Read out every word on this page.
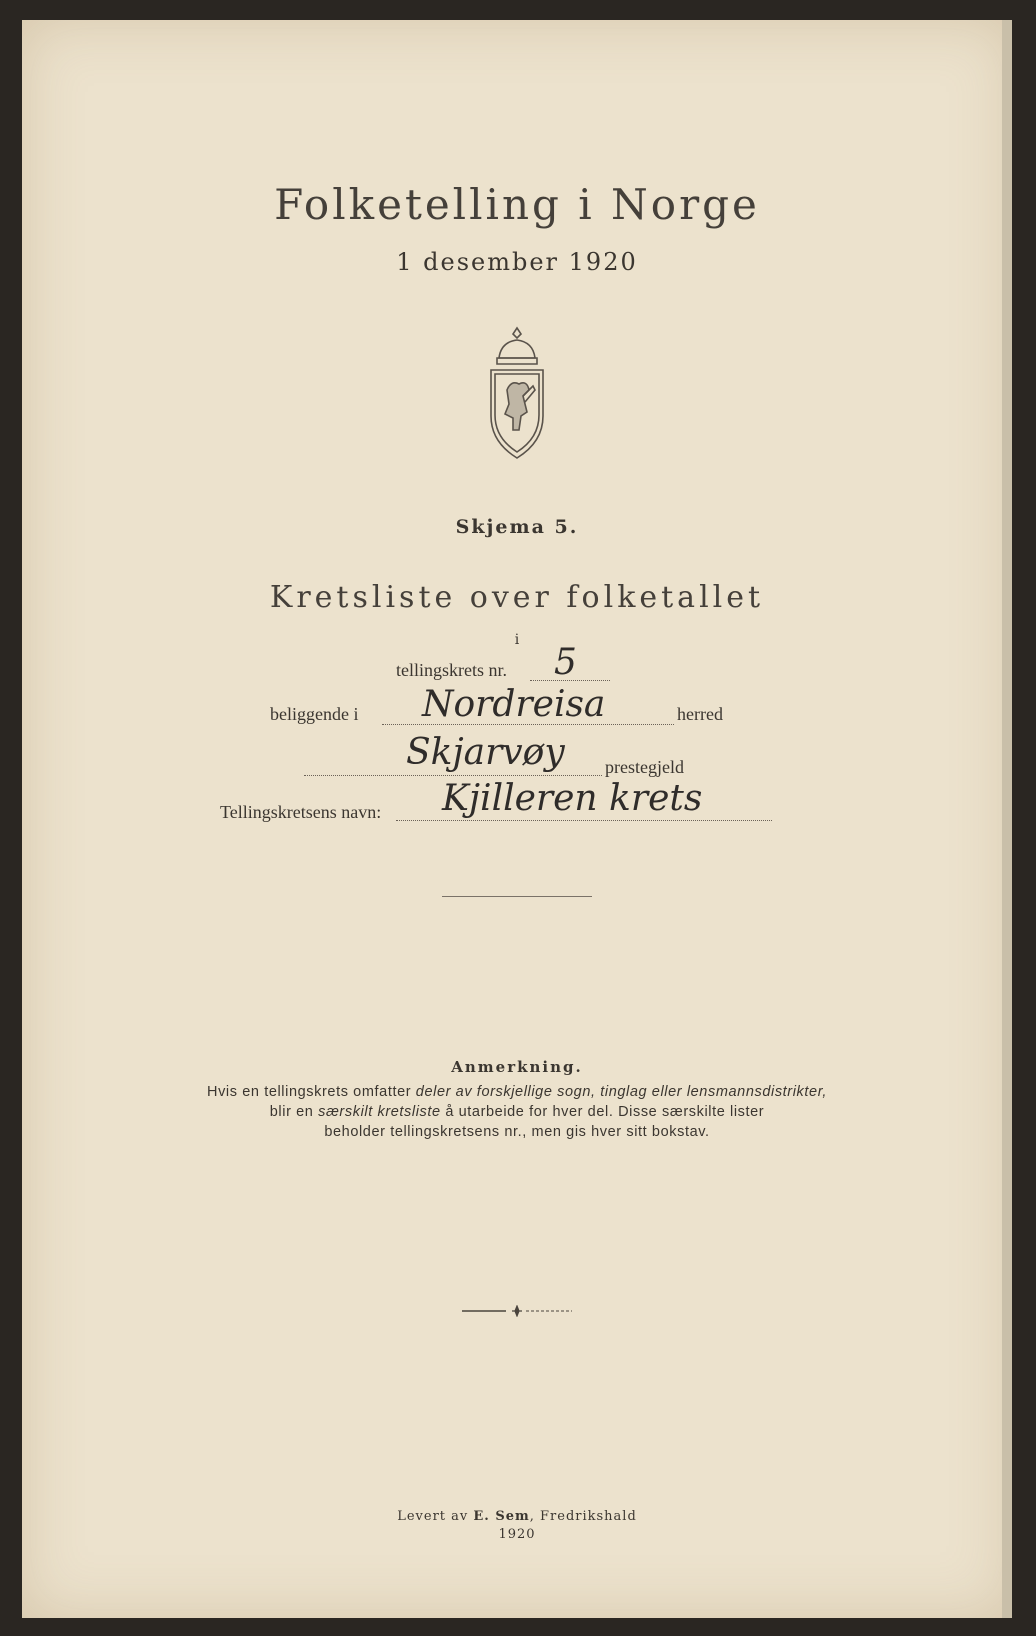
Folketelling i Norge
1 desember 1920
Skjema 5.
Kretsliste over folketallet
i
tellingskrets nr. 5
beliggende i Nordreisa	herred
Skjarvøy prestegjeld
Tellingskretsens navn: Kjilleren krets
Anmerkning.
Hvis en tellingskrets omfatter deler av forskjellige sogn, tinglag eller lensmannsdistrikter,
blir en særskilt kretsliste å utarbeide for hver del. Disse særskilte lister
beholder tellingskretsens nr., men gis hver sitt bokstav.
Levert av E. Sem, Fredrikshald
1920
